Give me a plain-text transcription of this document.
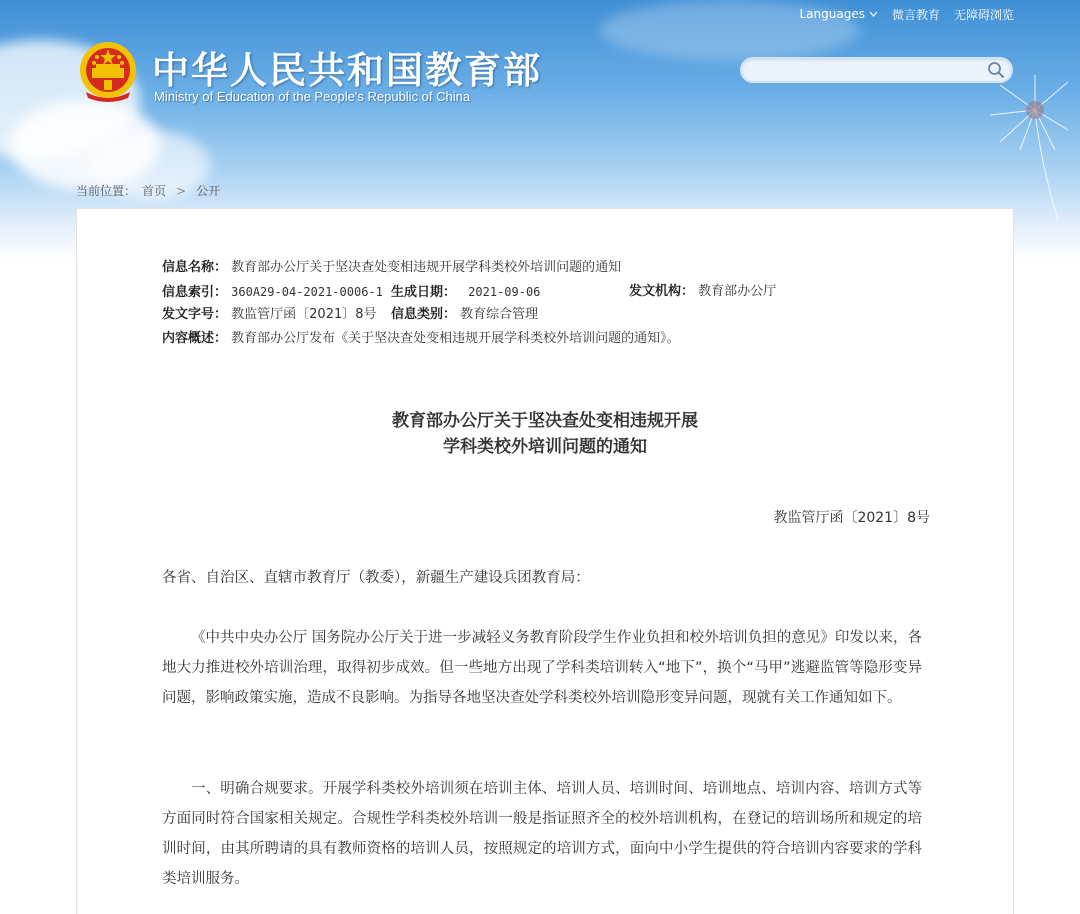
Languages 微言教育 无障碍浏览
中华人民共和国教育部
Ministry of Education of the People's Republic of China
当前位置： 首页 > 公开
信息名称： 教育部办公厅关于坚决查处变相违规开展学科类校外培训问题的通知
信息索引： 360A29-04-2021-0006-1 生成日期： 2021-09-06	发文机构： 教育部办公厅
发文字号： 教监管厅函〔2021〕8号 信息类别： 教育综合管理
内容概述： 教育部办公厅发布《关于坚决查处变相违规开展学科类校外培训问题的通知》。
教育部办公厅关于坚决查处变相违规开展
学科类校外培训问题的通知
教监管厅函〔2021〕8号
各省、自治区、直辖市教育厅（教委），新疆生产建设兵团教育局：
《中共中央办公厅 国务院办公厅关于进一步减轻义务教育阶段学生作业负担和校外培训负担的意见》印发以来，各地大力推进校外培训治理，取得初步成效。但一些地方出现了学科类培训转入“地下”，换个“马甲”逃避监管等隐形变异问题，影响政策实施，造成不良影响。为指导各地坚决查处学科类校外培训隐形变异问题，现就有关工作通知如下。
一、明确合规要求。开展学科类校外培训须在培训主体、培训人员、培训时间、培训地点、培训内容、培训方式等方面同时符合国家相关规定。合规性学科类校外培训一般是指证照齐全的校外培训机构，在登记的培训场所和规定的培训时间，由其所聘请的具有教师资格的培训人员，按照规定的培训方式，面向中小学生提供的符合培训内容要求的学科类培训服务。
